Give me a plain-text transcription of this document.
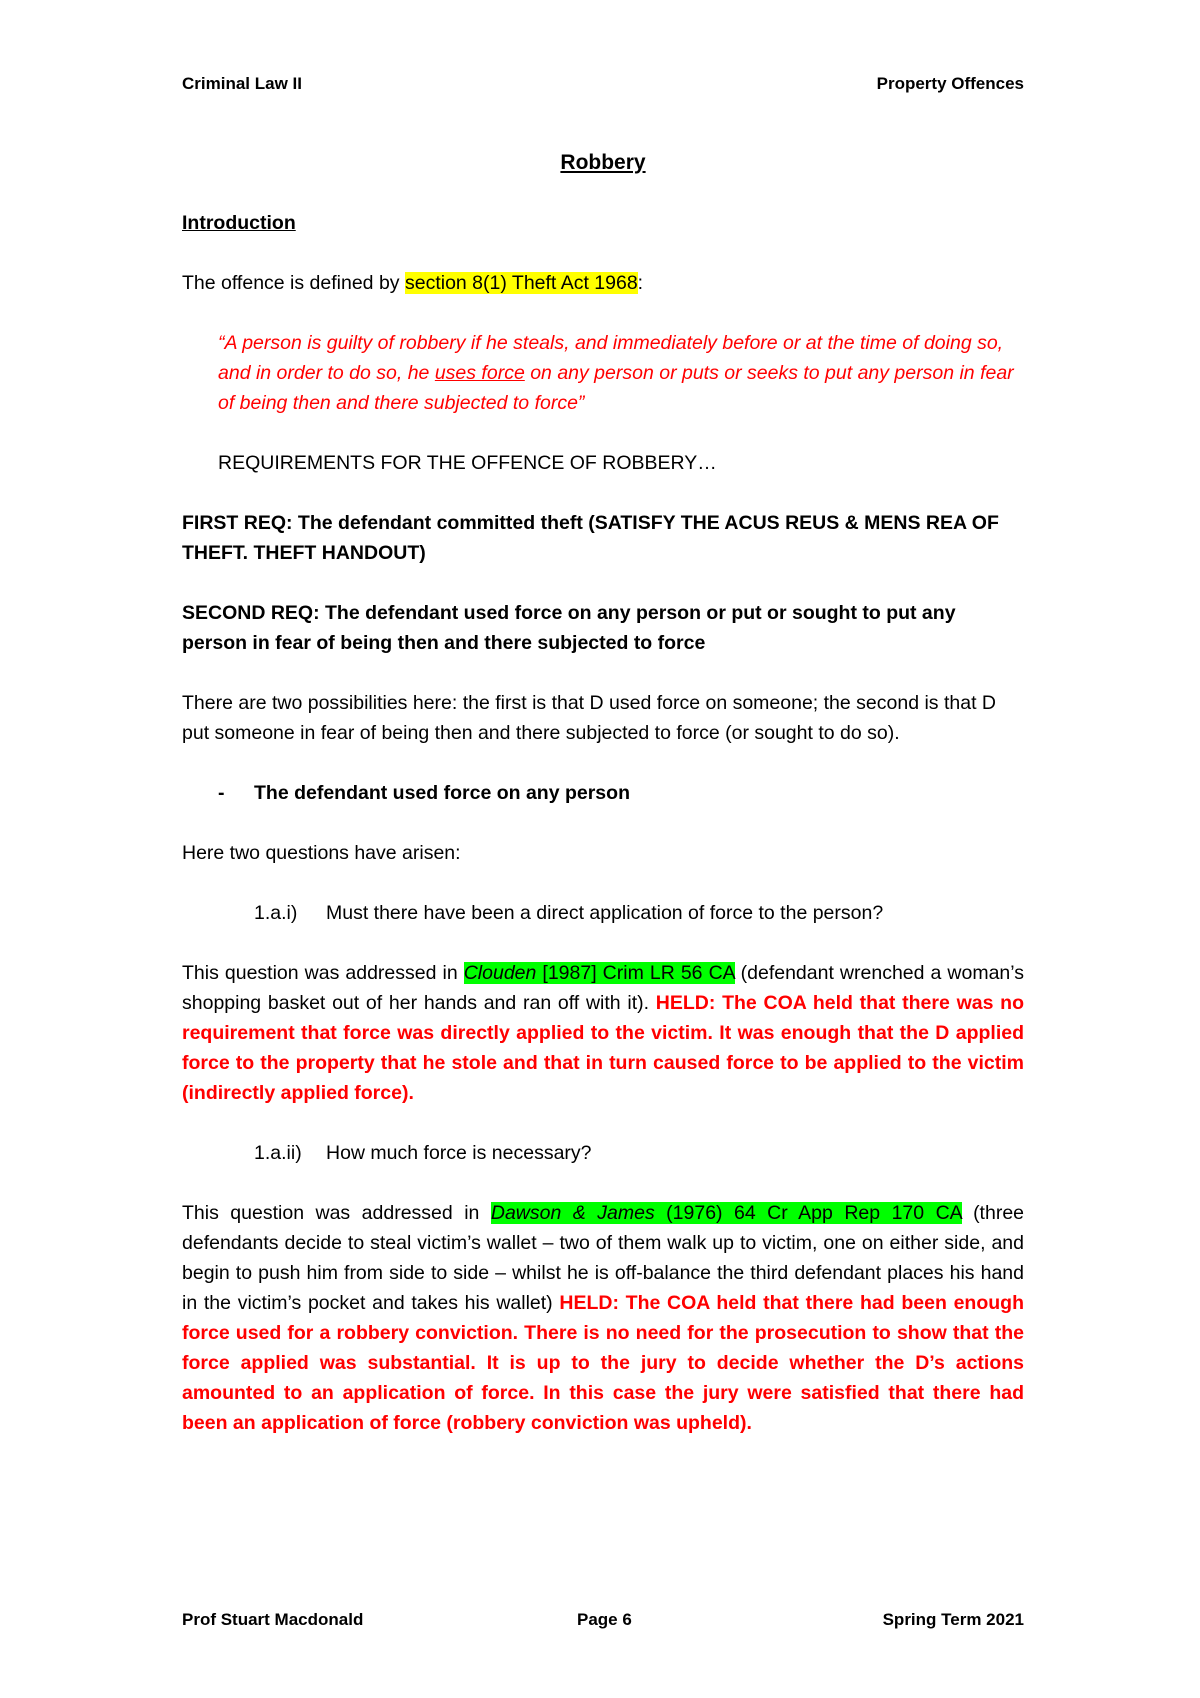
Criminal Law II	Property Offences

Robbery

Introduction

The offence is defined by section 8(1) Theft Act 1968:

“A person is guilty of robbery if he steals, and immediately before or at the time of doing so, and in order to do so, he uses force on any person or puts or seeks to put any person in fear of being then and there subjected to force”

REQUIREMENTS FOR THE OFFENCE OF ROBBERY…

FIRST REQ: The defendant committed theft (SATISFY THE ACUS REUS & MENS REA OF THEFT. THEFT HANDOUT)

SECOND REQ: The defendant used force on any person or put or sought to put any person in fear of being then and there subjected to force

There are two possibilities here: the first is that D used force on someone; the second is that D put someone in fear of being then and there subjected to force (or sought to do so).

- The defendant used force on any person

Here two questions have arisen:

1.a.i) Must there have been a direct application of force to the person?

This question was addressed in Clouden [1987] Crim LR 56 CA (defendant wrenched a woman’s shopping basket out of her hands and ran off with it). HELD: The COA held that there was no requirement that force was directly applied to the victim. It was enough that the D applied force to the property that he stole and that in turn caused force to be applied to the victim (indirectly applied force).

1.a.ii) How much force is necessary?

This question was addressed in Dawson & James (1976) 64 Cr App Rep 170 CA (three defendants decide to steal victim’s wallet – two of them walk up to victim, one on either side, and begin to push him from side to side – whilst he is off-balance the third defendant places his hand in the victim’s pocket and takes his wallet) HELD: The COA held that there had been enough force used for a robbery conviction. There is no need for the prosecution to show that the force applied was substantial. It is up to the jury to decide whether the D’s actions amounted to an application of force. In this case the jury were satisfied that there had been an application of force (robbery conviction was upheld).

Prof Stuart Macdonald	Page 6	Spring Term 2021
